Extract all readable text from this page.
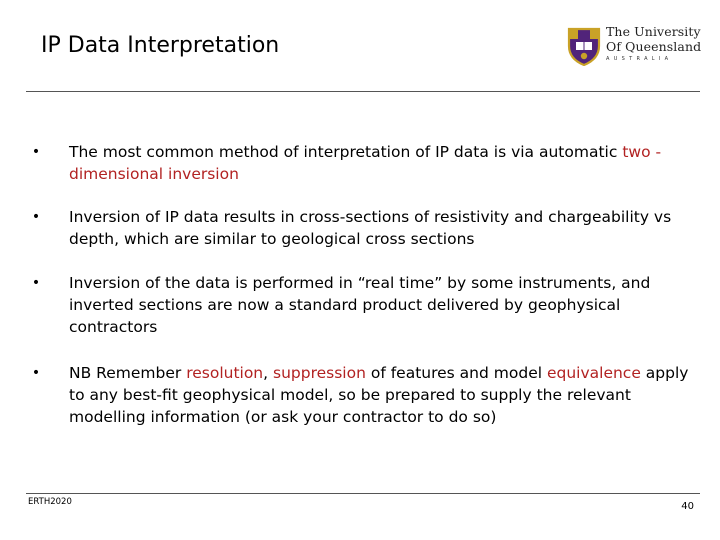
IP Data Interpretation
The University
Of Queensland
AUSTRALIA
• The most common method of interpretation of IP data is via automatic two -dimensional inversion
• Inversion of IP data results in cross-sections of resistivity and chargeability vs depth, which are similar to geological cross sections
• Inversion of the data is performed in “real time” by some instruments, and inverted sections are now a standard product delivered by geophysical contractors
• NB Remember resolution, suppression of features and model equivalence apply to any best-fit geophysical model, so be prepared to supply the relevant modelling information (or ask your contractor to do so)
ERTH2020	40
